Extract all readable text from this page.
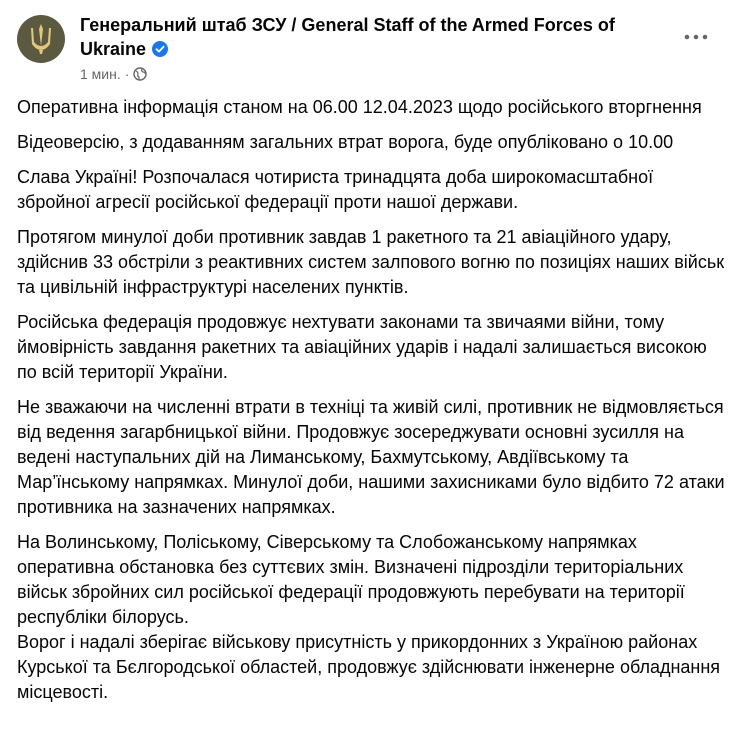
Генеральний штаб ЗСУ / General Staff of the Armed Forces of Ukraine
1 мин. ·

Оперативна інформація станом на 06.00 12.04.2023 щодо російського вторгнення

Відеоверсію, з додаванням загальних втрат ворога, буде опубліковано о 10.00

Слава Україні! Розпочалася чотириста тринадцята доба широкомасштабної збройної агресії російської федерації проти нашої держави.

Протягом минулої доби противник завдав 1 ракетного та 21 авіаційного удару, здійснив 33 обстріли з реактивних систем залпового вогню по позиціях наших військ та цивільній інфраструктурі населених пунктів.

Російська федерація продовжує нехтувати законами та звичаями війни, тому ймовірність завдання ракетних та авіаційних ударів і надалі залишається високою по всій території України.

Не зважаючи на численні втрати в техніці та живій силі, противник не відмовляється від ведення загарбницької війни. Продовжує зосереджувати основні зусилля на ведені наступальних дій на Лиманському, Бахмутському, Авдіївському та Мар’їнському напрямках. Минулої доби, нашими захисниками було відбито 72 атаки противника на зазначених напрямках.

На Волинському, Поліському, Сіверському та Слобожанському напрямках оперативна обстановка без суттєвих змін. Визначені підрозділи територіальних військ збройних сил російської федерації продовжують перебувати на території республіки білорусь.

Ворог і надалі зберігає військову присутність у прикордонних з Україною районах Курської та Бєлгородської областей, продовжує здійснювати інженерне обладнання місцевості.
